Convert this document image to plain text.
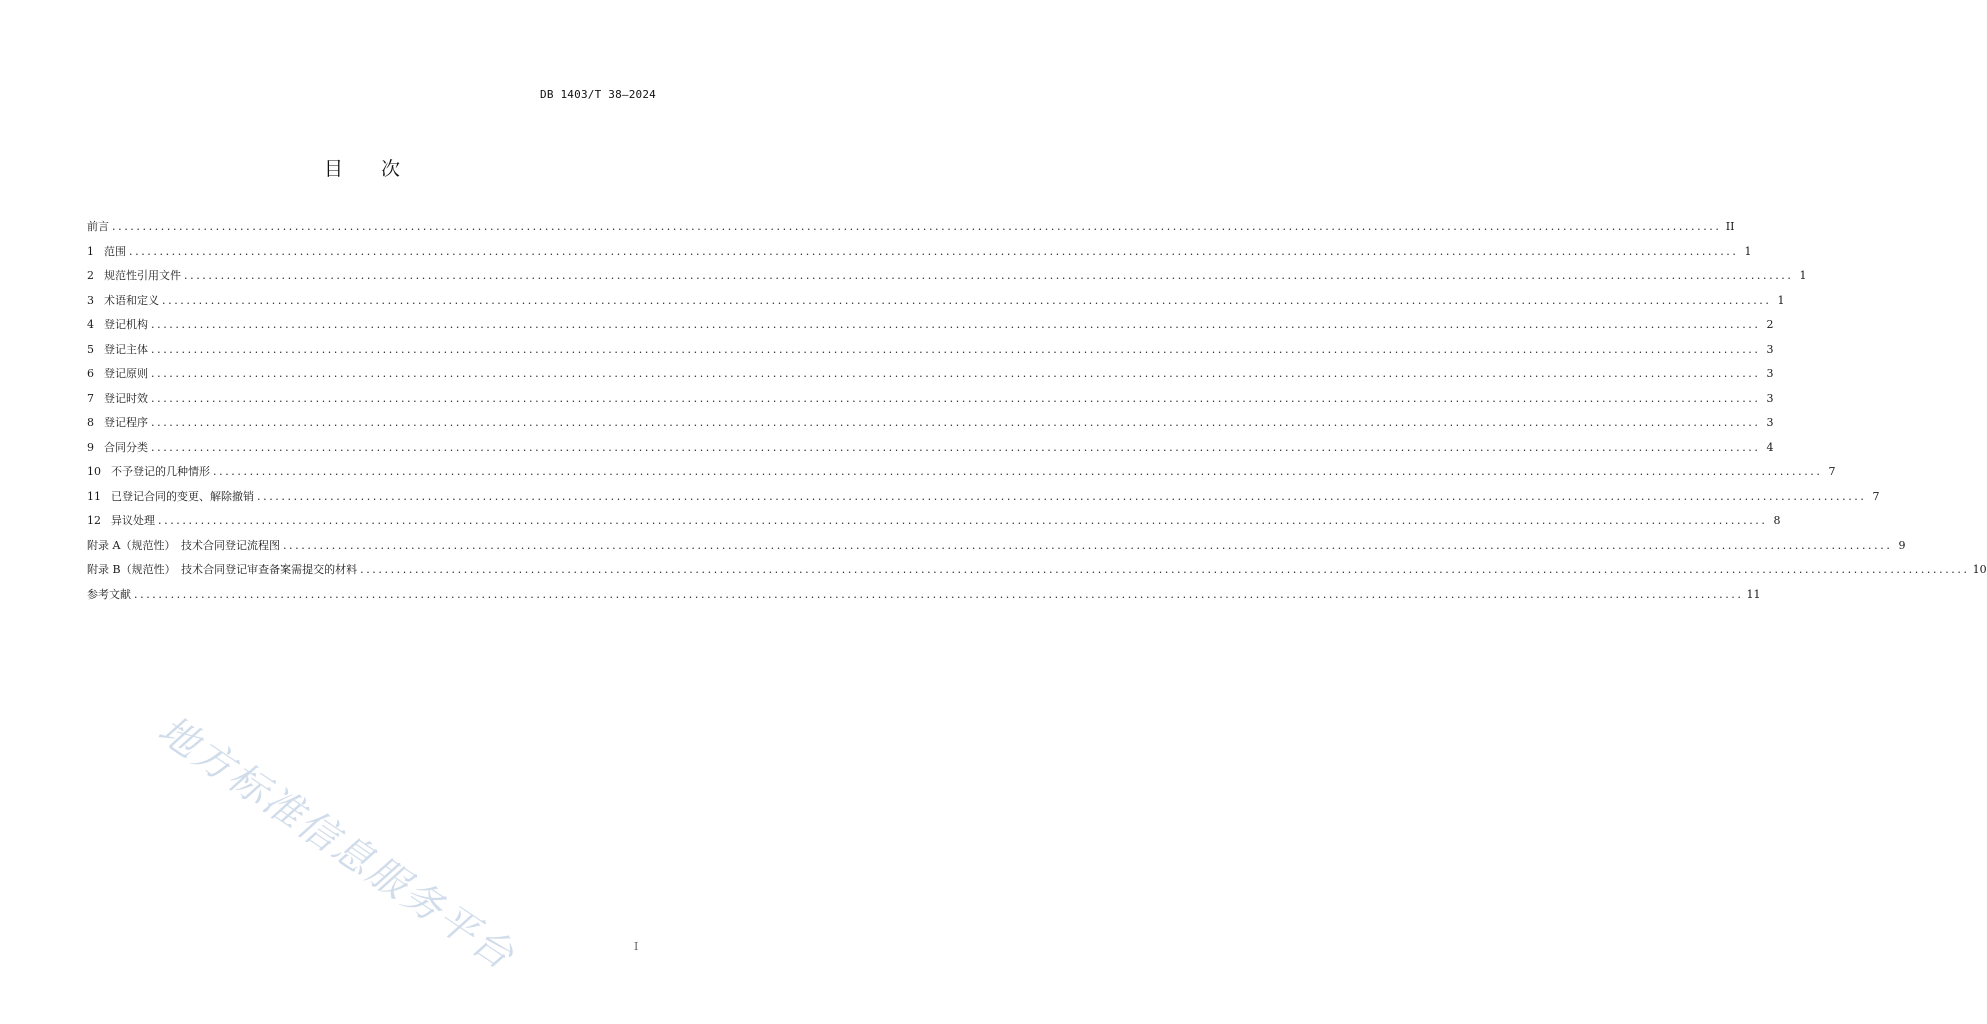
DB 1403/T 38—2024
目次
前言 .....	II
1 范围 .....	1
2 规范性引用文件 .....	1
3 术语和定义 .....	1
4 登记机构 .....	2
5 登记主体 .....	3
6 登记原则 .....	3
7 登记时效 .....	3
8 登记程序 .....	3
9 合同分类 .....	4
10 不予登记的几种情形 .....	7
11 已登记合同的变更、解除撤销 .....	7
12 异议处理 .....	8
附录 A（规范性）　技术合同登记流程图 .....	9
附录 B（规范性）　技术合同登记审查备案需提交的材料 .....	10
参考文献 .....	11
地方标准信息服务平台	I
